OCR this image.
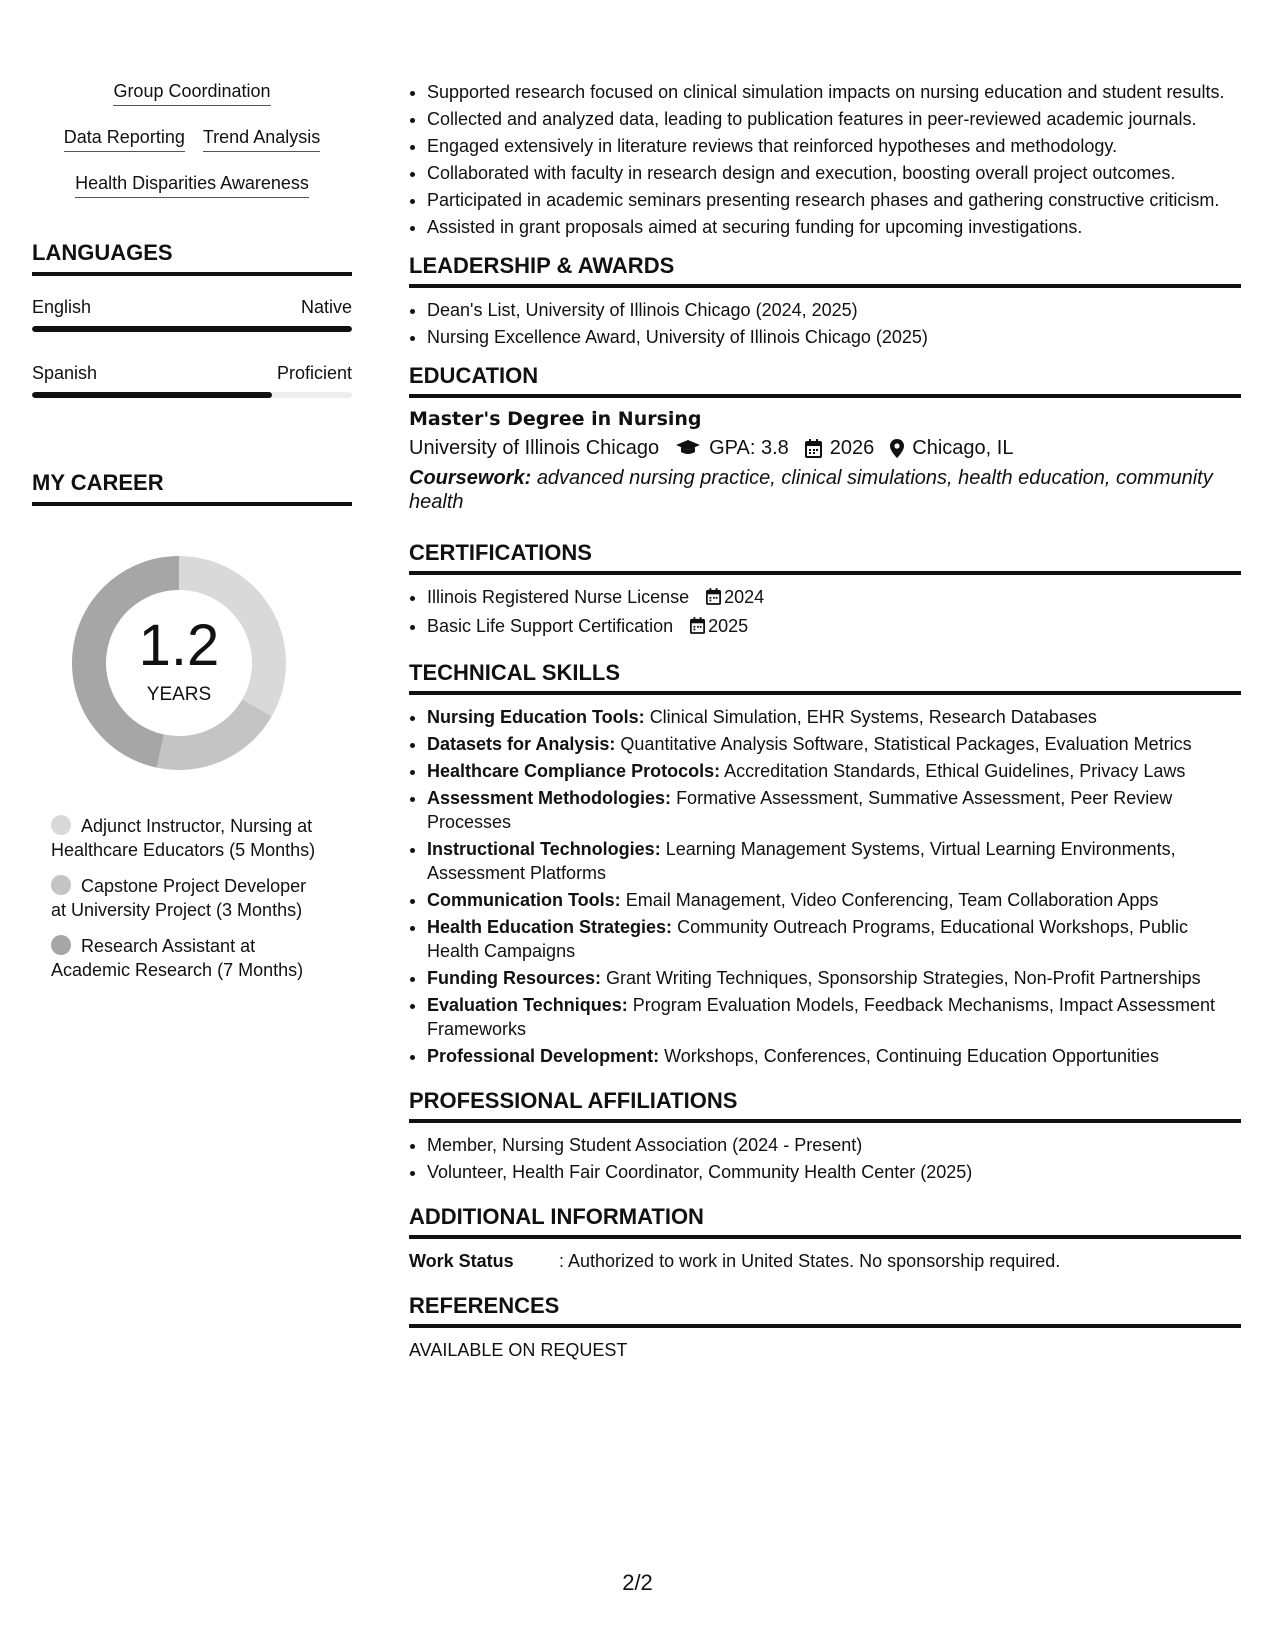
Group Coordination
Data Reporting Trend Analysis
Health Disparities Awareness
LANGUAGES
English	Native
Spanish	Proficient
MY CAREER
1.2
YEARS
Adjunct Instructor, Nursing at Healthcare Educators (5 Months)
Capstone Project Developer at University Project (3 Months)
Research Assistant at Academic Research (7 Months)
• Supported research focused on clinical simulation impacts on nursing education and student results.
• Collected and analyzed data, leading to publication features in peer-reviewed academic journals.
• Engaged extensively in literature reviews that reinforced hypotheses and methodology.
• Collaborated with faculty in research design and execution, boosting overall project outcomes.
• Participated in academic seminars presenting research phases and gathering constructive criticism.
• Assisted in grant proposals aimed at securing funding for upcoming investigations.
LEADERSHIP & AWARDS
• Dean's List, University of Illinois Chicago (2024, 2025)
• Nursing Excellence Award, University of Illinois Chicago (2025)
EDUCATION
Master's Degree in Nursing
University of Illinois Chicago	GPA: 3.8 2026 Chicago, IL
Coursework: advanced nursing practice, clinical simulations, health education, community health
CERTIFICATIONS
• Illinois Registered Nurse License 2024
• Basic Life Support Certification 2025
TECHNICAL SKILLS
• Nursing Education Tools: Clinical Simulation, EHR Systems, Research Databases
• Datasets for Analysis: Quantitative Analysis Software, Statistical Packages, Evaluation Metrics
• Healthcare Compliance Protocols: Accreditation Standards, Ethical Guidelines, Privacy Laws
• Assessment Methodologies: Formative Assessment, Summative Assessment, Peer Review Processes
• Instructional Technologies: Learning Management Systems, Virtual Learning Environments, Assessment Platforms
• Communication Tools: Email Management, Video Conferencing, Team Collaboration Apps
• Health Education Strategies: Community Outreach Programs, Educational Workshops, Public Health Campaigns
• Funding Resources: Grant Writing Techniques, Sponsorship Strategies, Non-Profit Partnerships
• Evaluation Techniques: Program Evaluation Models, Feedback Mechanisms, Impact Assessment Frameworks
• Professional Development: Workshops, Conferences, Continuing Education Opportunities
PROFESSIONAL AFFILIATIONS
• Member, Nursing Student Association (2024 - Present)
• Volunteer, Health Fair Coordinator, Community Health Center (2025)
ADDITIONAL INFORMATION
Work Status	: Authorized to work in United States. No sponsorship required.
REFERENCES
AVAILABLE ON REQUEST
2/2
